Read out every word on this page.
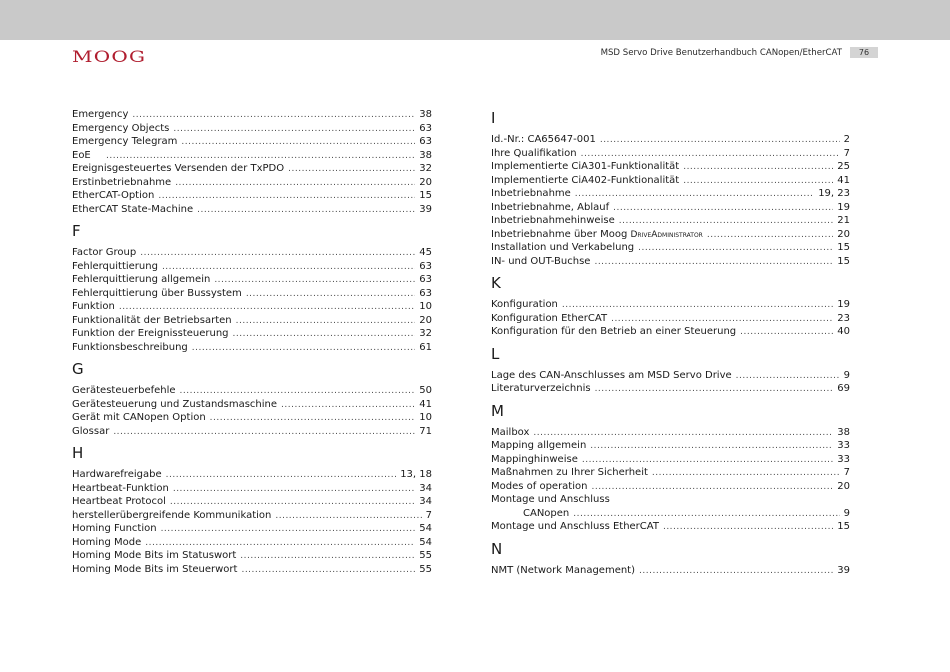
MOOG	MSD Servo Drive Benutzerhandbuch CANopen/EtherCAT	76
Emergency .....	38
Emergency Objects .....	63
Emergency Telegram .....	63
EoE .....	38
Ereignisgesteuertes Versenden der TxPDO .....	32
Erstinbetriebnahme .....	20
EtherCAT-Option .....	15
EtherCAT State-Machine .....	39
F
Factor Group .....	45
Fehlerquittierung .....	63
Fehlerquittierung allgemein .....	63
Fehlerquittierung über Bussystem .....	63
Funktion .....	10
Funktionalität der Betriebsarten .....	20
Funktion der Ereignissteuerung .....	32
Funktionsbeschreibung .....	61
G
Gerätesteuerbefehle .....	50
Gerätesteuerung und Zustandsmaschine .....	41
Gerät mit CANopen Option .....	10
Glossar .....	71
H
Hardwarefreigabe .....	13, 18
Heartbeat-Funktion .....	34
Heartbeat Protocol .....	34
herstellerübergreifende Kommunikation .....	7
Homing Function .....	54
Homing Mode .....	54
Homing Mode Bits im Statuswort .....	55
Homing Mode Bits im Steuerwort .....	55
I
Id.-Nr.: CA65647-001 .....	2
Ihre Qualifikation .....	7
Implementierte CiA301-Funktionalität .....	25
Implementierte CiA402-Funktionalität .....	41
Inbetriebnahme .....	19, 23
Inbetriebnahme, Ablauf .....	19
Inbetriebnahmehinweise .....	21
Inbetriebnahme über Moog DriveAdministrator .....	20
Installation und Verkabelung .....	15
IN- und OUT-Buchse .....	15
K
Konfiguration .....	19
Konfiguration EtherCAT .....	23
Konfiguration für den Betrieb an einer Steuerung .....	40
L
Lage des CAN-Anschlusses am MSD Servo Drive .....	9
Literaturverzeichnis .....	69
M
Mailbox .....	38
Mapping allgemein .....	33
Mappinghinweise .....	33
Maßnahmen zu Ihrer Sicherheit .....	7
Modes of operation .....	20
Montage und Anschluss
CANopen .....	9
Montage und Anschluss EtherCAT .....	15
N
NMT (Network Management) .....	39
